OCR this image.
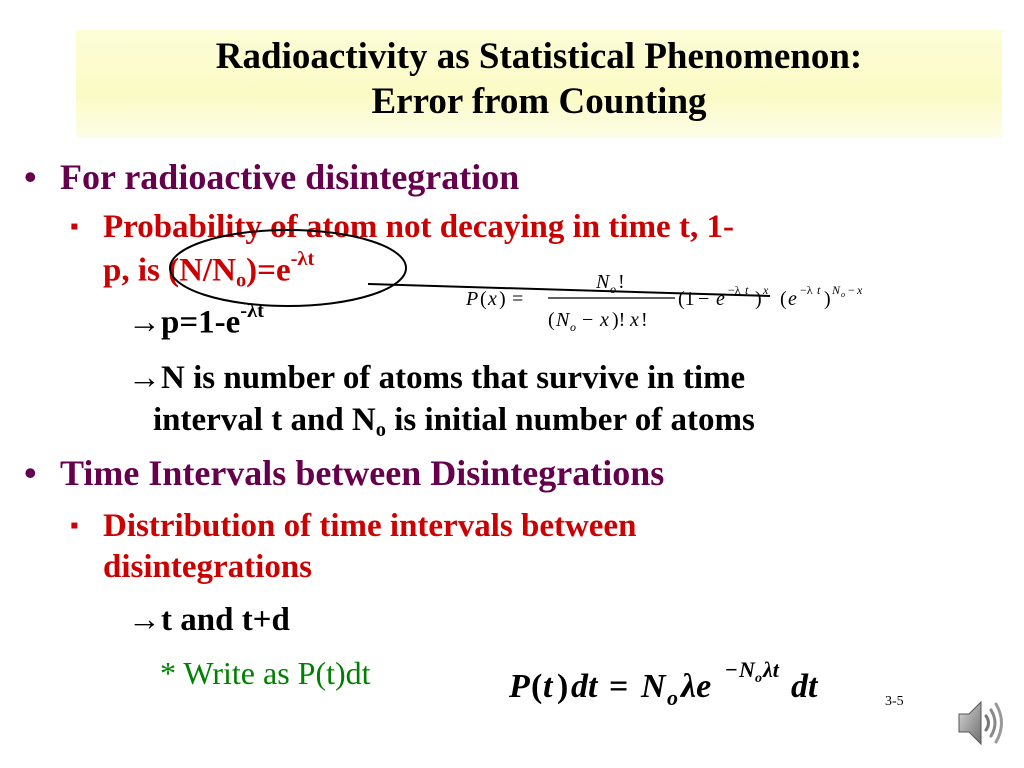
Radioactivity as Statistical Phenomenon:
Error from Counting
• For radioactive disintegration
▪ Probability of atom not decaying in time t, 1-
p, is $(N/N_o)=e^{-\lambda t}$
$\to p=1-e^{-\lambda t}$
→N is number of atoms that survive in time
interval t and $N_o$ is initial number of atoms
• Time Intervals between Disintegrations
▪ Distribution of time intervals between
disintegrations
→t and t+d
* Write as P(t)dt
P ( x ) =
N o !
( N o − x )! x !
(1 − e −λ t ) x ( e −λ t ) N o − x
P ( t ) dt = N o λe − N o λt dt	3-5
